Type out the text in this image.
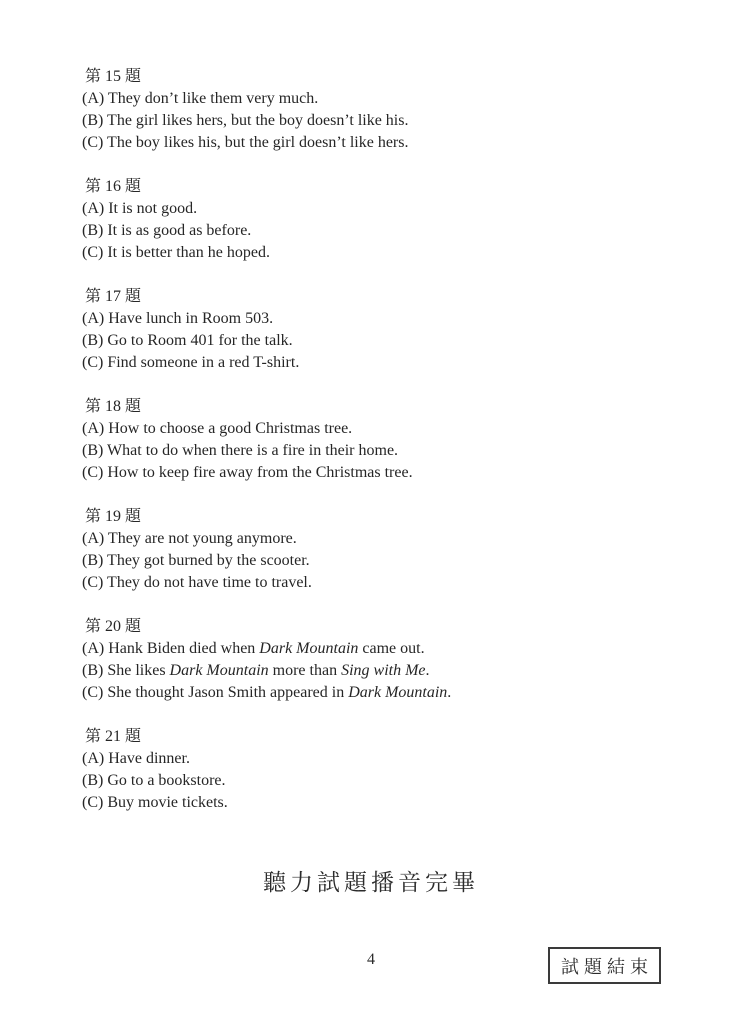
第 15 題

(A) They don’t like them very much.

(B) The girl likes hers, but the boy doesn’t like his.

(C) The boy likes his, but the girl doesn’t like hers.

第 16 題

(A) It is not good.

(B) It is as good as before.

(C) It is better than he hoped.

第 17 題

(A) Have lunch in Room 503.

(B) Go to Room 401 for the talk.

(C) Find someone in a red T-shirt.

第 18 題

(A) How to choose a good Christmas tree.

(B) What to do when there is a fire in their home.

(C) How to keep fire away from the Christmas tree.

第 19 題

(A) They are not young anymore.

(B) They got burned by the scooter.

(C) They do not have time to travel.

第 20 題

(A) Hank Biden died when Dark Mountain came out.

(B) She likes Dark Mountain more than Sing with Me.

(C) She thought Jason Smith appeared in Dark Mountain.

第 21 題

(A) Have dinner.

(B) Go to a bookstore.

(C) Buy movie tickets.

聽力試題播音完畢
4	試題結束
